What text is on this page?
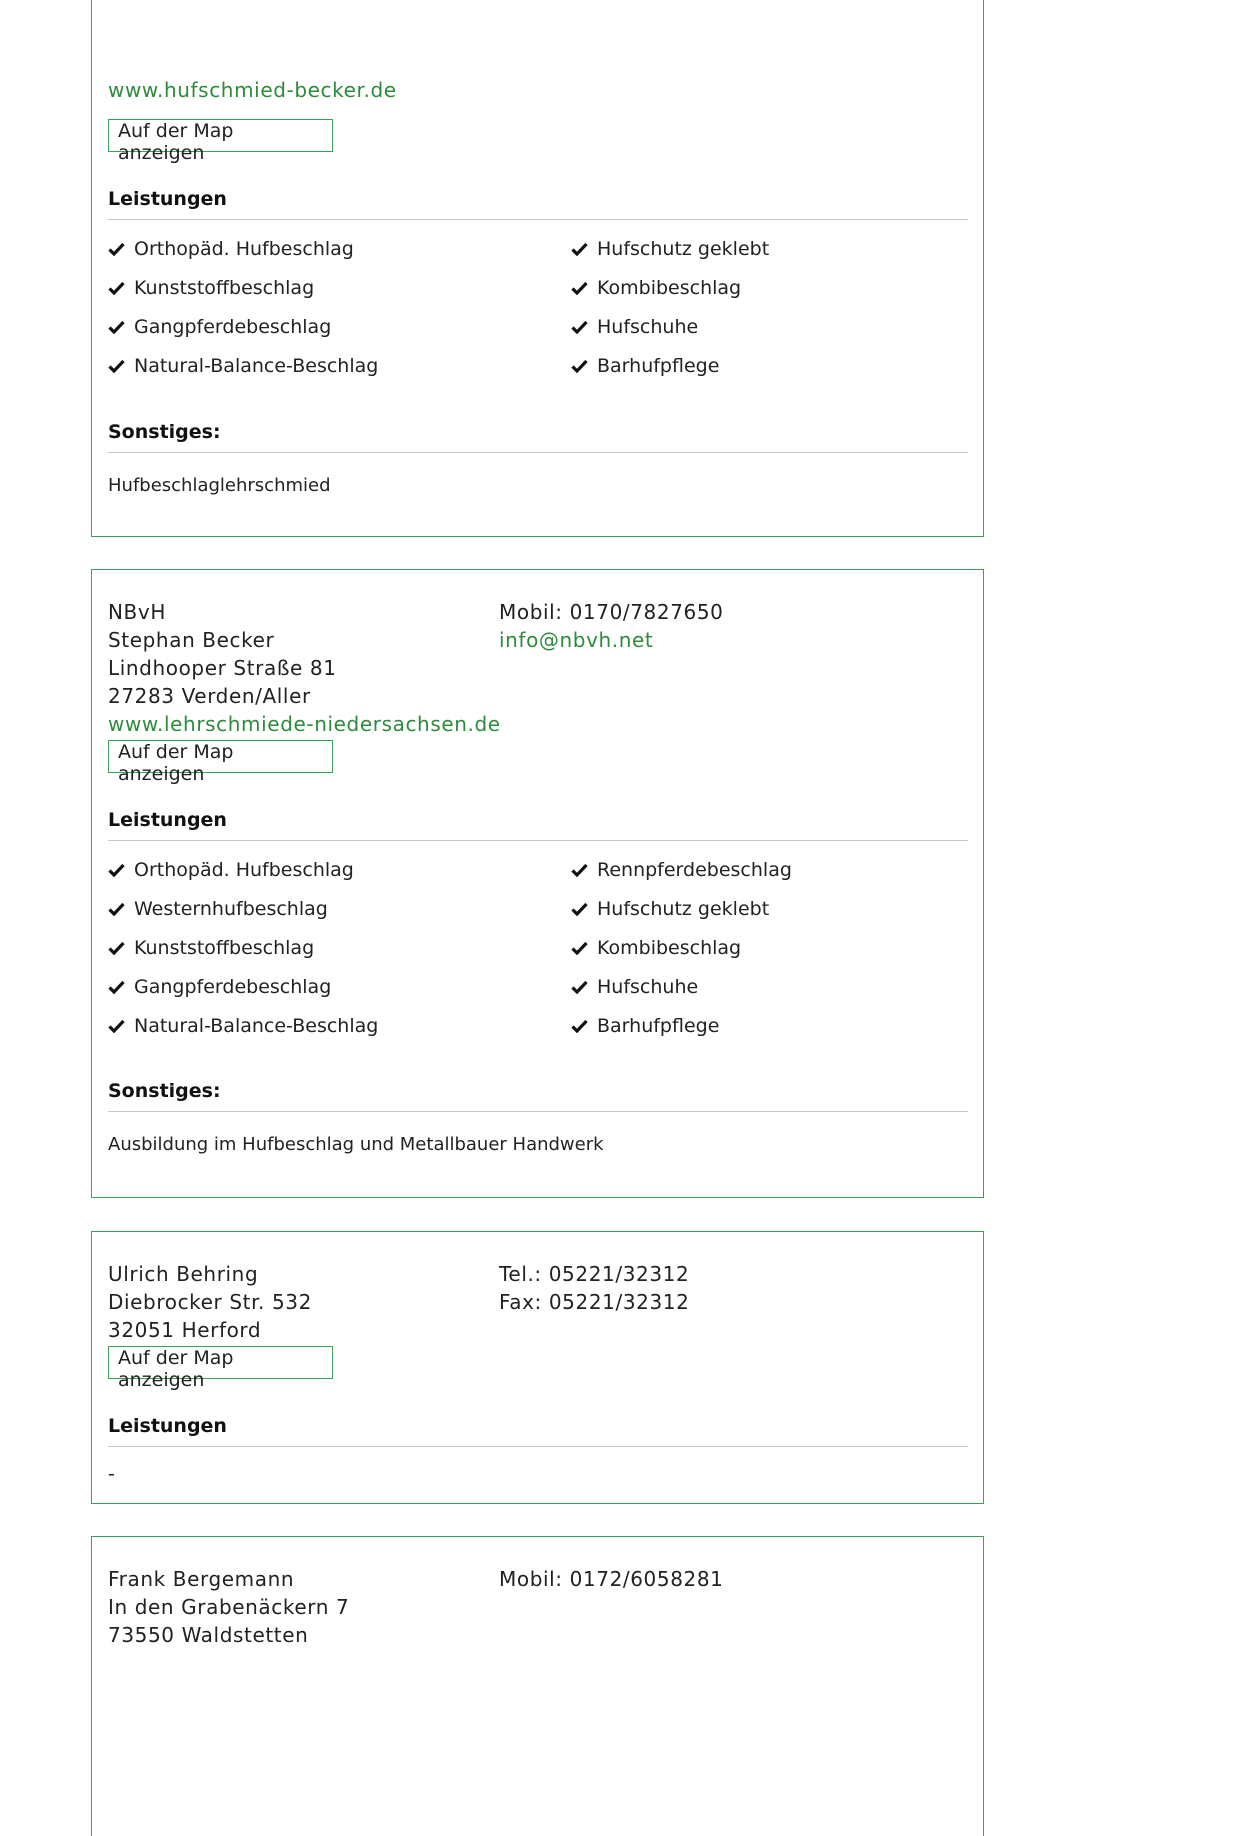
www.hufschmied-becker.de
Auf der Map anzeigen
Leistungen
Orthopäd. Hufbeschlag
Kunststoffbeschlag
Gangpferdebeschlag
Natural-Balance-Beschlag
Hufschutz geklebt
Kombibeschlag
Hufschuhe
Barhufpflege
Sonstiges:
Hufbeschlaglehrschmied
NBvH
Stephan Becker
Lindhooper Straße 81
27283 Verden/Aller
www.lehrschmiede-niedersachsen.de
Mobil: 0170/7827650
info@nbvh.net
Auf der Map anzeigen
Leistungen
Orthopäd. Hufbeschlag
Westernhufbeschlag
Kunststoffbeschlag
Gangpferdebeschlag
Natural-Balance-Beschlag
Rennpferdebeschlag
Hufschutz geklebt
Kombibeschlag
Hufschuhe
Barhufpflege
Sonstiges:
Ausbildung im Hufbeschlag und Metallbauer Handwerk
Ulrich Behring
Diebrocker Str. 532
32051 Herford
Tel.: 05221/32312
Fax: 05221/32312
Auf der Map anzeigen
Leistungen
-
Frank Bergemann
In den Grabenäckern 7
73550 Waldstetten
Mobil: 0172/6058281
